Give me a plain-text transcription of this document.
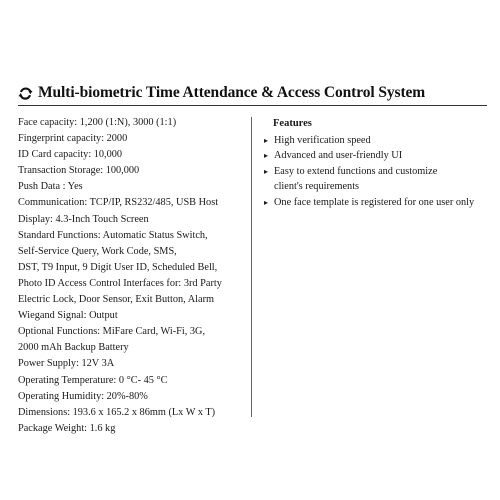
Multi-biometric Time Attendance & Access Control System
Face capacity: 1,200 (1:N), 3000 (1:1)
Fingerprint capacity: 2000
ID Card capacity: 10,000
Transaction Storage: 100,000
Push Data : Yes
Communication: TCP/IP, RS232/485, USB Host
Display: 4.3-Inch Touch Screen
Standard Functions: Automatic Status Switch,
Self-Service Query, Work Code, SMS,
DST, T9 Input, 9 Digit User ID, Scheduled Bell,
Photo ID Access Control Interfaces for: 3rd Party
Electric Lock, Door Sensor, Exit Button, Alarm
Wiegand Signal: Output
Optional Functions: MiFare Card, Wi-Fi, 3G,
2000 mAh Backup Battery
Power Supply: 12V 3A
Operating Temperature: 0 °C- 45 °C
Operating Humidity: 20%-80%
Dimensions: 193.6 x 165.2 x 86mm (Lx W x T)
Package Weight: 1.6 kg
Features
▸ High verification speed
▸ Advanced and user-friendly UI
▸ Easy to extend functions and customize
client's requirements
▸ One face template is registered for one user only
